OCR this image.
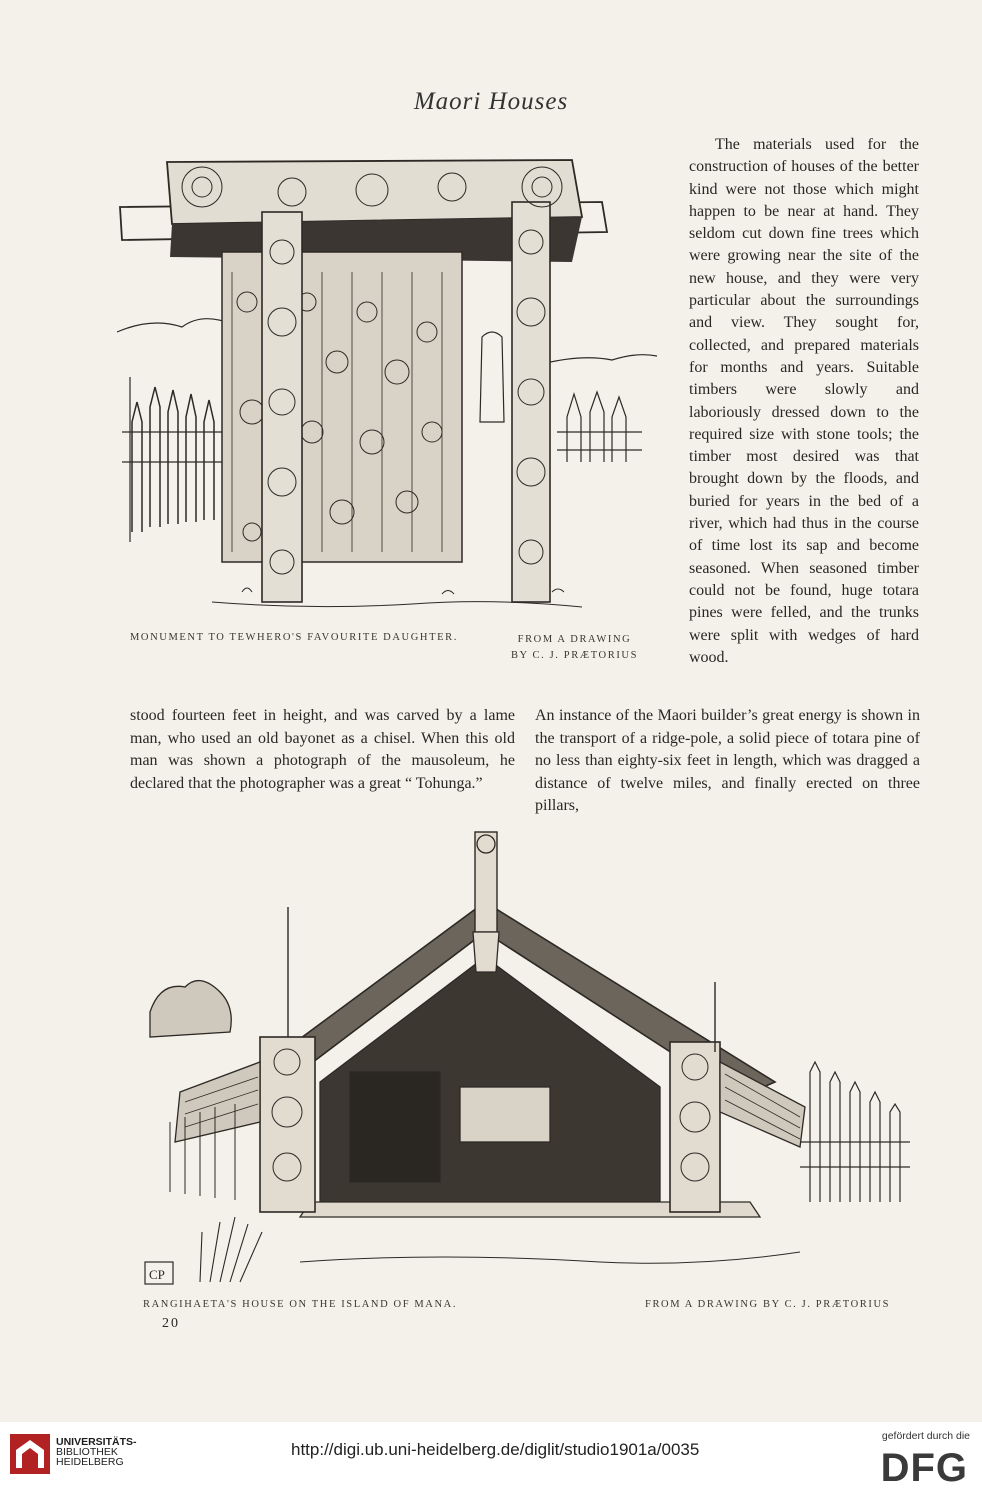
Maori Houses
MONUMENT TO TEWHERO'S FAVOURITE DAUGHTER.	FROM A DRAWING
BY C. J. PRÆTORIUS
The materials used for the construction of houses of the better kind were not those which might happen to be near at hand. They seldom cut down fine trees which were growing near the site of the new house, and they were very particular about the surroundings and view. They sought for, collected, and prepared materials for months and years. Suitable timbers were slowly and laboriously dressed down to the required size with stone tools; the timber most desired was that brought down by the floods, and buried for years in the bed of a river, which had thus in the course of time lost its sap and become seasoned. When seasoned timber could not be found, huge totara pines were felled, and the trunks were split with wedges of hard wood.
stood fourteen feet in height, and was carved by a lame man, who used an old bayonet as a chisel. When this old man was shown a photograph of the mausoleum, he declared that the photographer was a great “ Tohunga.”
An instance of the Maori builder’s great energy is shown in the transport of a ridge-pole, a solid piece of totara pine of no less than eighty-six feet in length, which was dragged a distance of twelve miles, and finally erected on three pillars,
CP
RANGIHAETA'S HOUSE ON THE ISLAND OF MANA.	FROM A DRAWING BY C. J. PRÆTORIUS
20
UNIVERSITÄTS-
BIBLIOTHEK
HEIDELBERG
http://digi.ub.uni-heidelberg.de/diglit/studio1901a/0035
gefördert durch die
DFG
